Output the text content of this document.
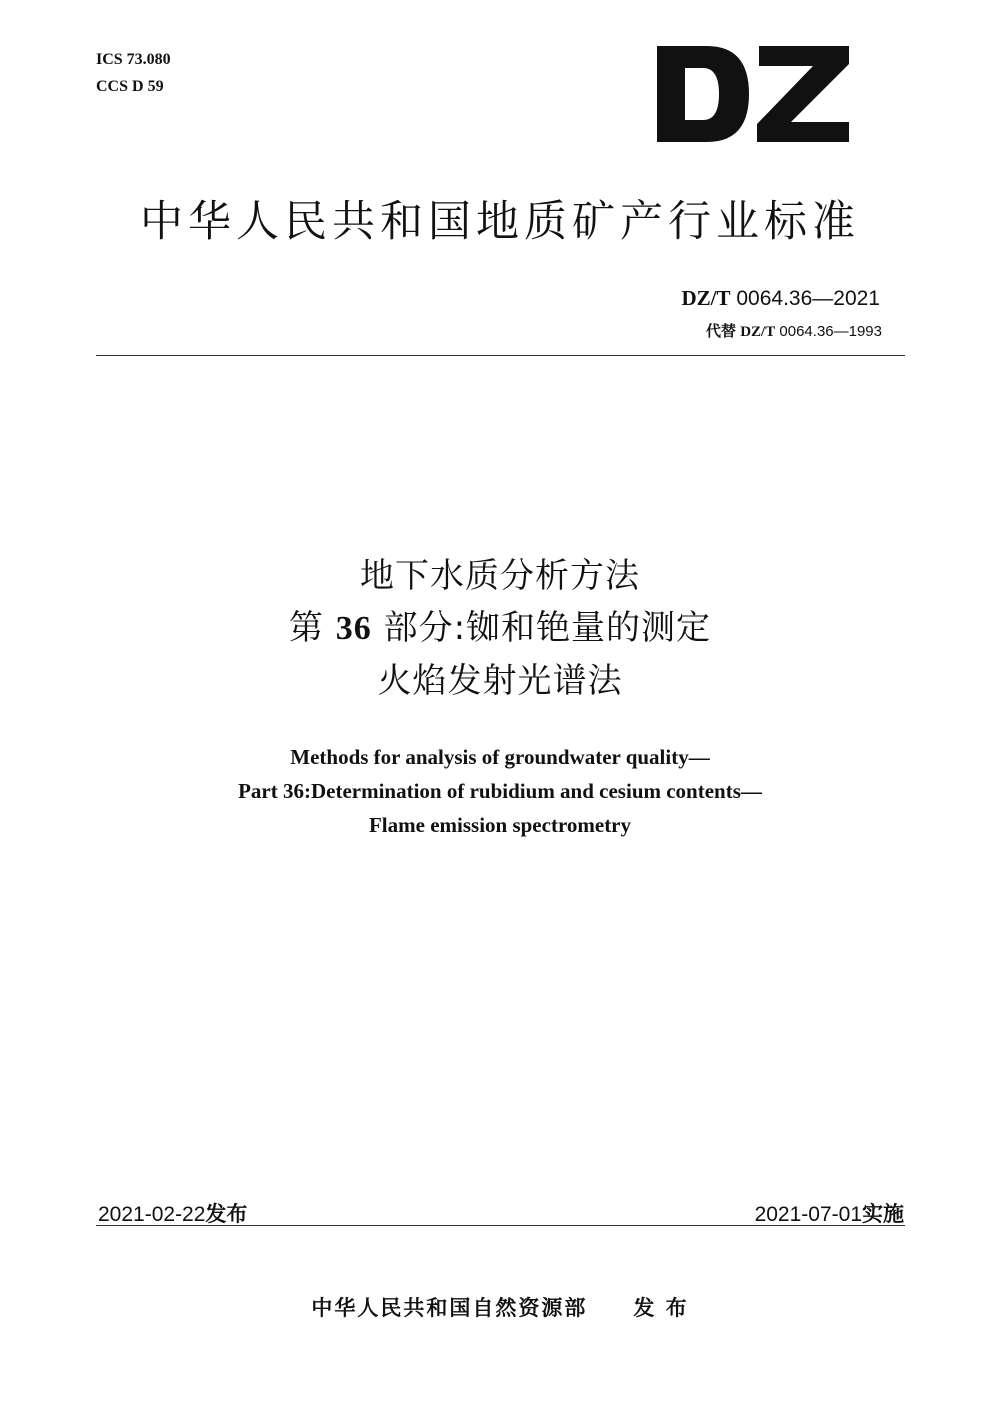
ICS 73.080
CCS D 59
DZ
中华人民共和国地质矿产行业标准
DZ/T 0064.36—2021
代替 DZ/T 0064.36—1993
地下水质分析方法
第 36 部分:铷和铯量的测定
火焰发射光谱法
Methods for analysis of groundwater quality—
Part 36:Determination of rubidium and cesium contents—
Flame emission spectrometry
2021-02-22发布	2021-07-01实施
中华人民共和国自然资源部 发 布
